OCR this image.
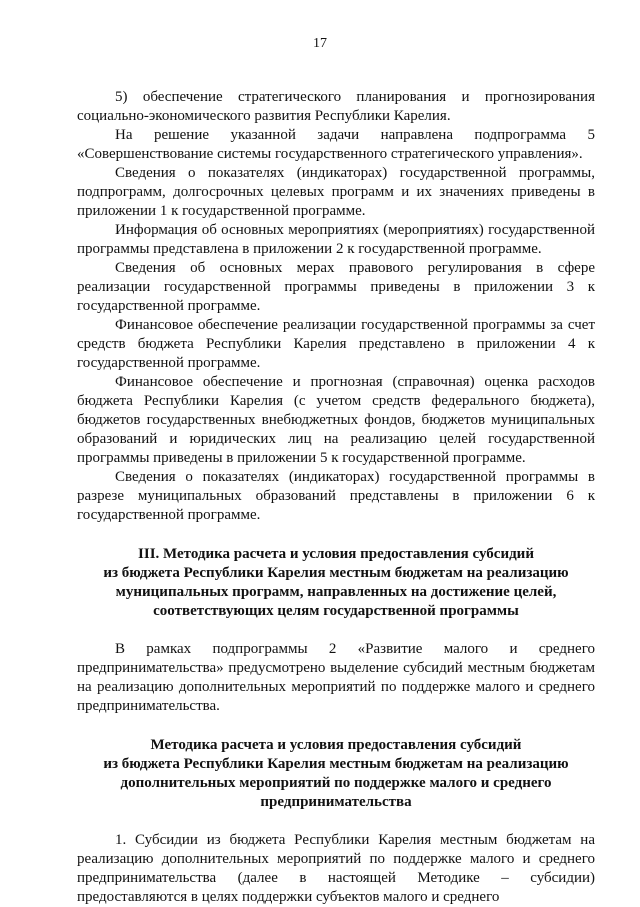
17

5) обеспечение стратегического планирования и прогнозирования социально-экономического развития Республики Карелия.

На решение указанной задачи направлена подпрограмма 5 «Совершенствование системы государственного стратегического управления».

Сведения о показателях (индикаторах) государственной программы, подпрограмм, долгосрочных целевых программ и их значениях приведены в приложении 1 к государственной программе.

Информация об основных мероприятиях (мероприятиях) государственной программы представлена в приложении 2 к государственной программе.

Сведения об основных мерах правового регулирования в сфере реализации государственной программы приведены в приложении 3 к государственной программе.

Финансовое обеспечение реализации государственной программы за счет средств бюджета Республики Карелия представлено в приложении 4 к государственной программе.

Финансовое обеспечение и прогнозная (справочная) оценка расходов бюджета Республики Карелия (с учетом средств федерального бюджета), бюджетов государственных внебюджетных фондов, бюджетов муниципальных образований и юридических лиц на реализацию целей государственной программы приведены в приложении 5 к государственной программе.

Сведения о показателях (индикаторах) государственной программы в разрезе муниципальных образований представлены в приложении 6 к государственной программе.

III. Методика расчета и условия предоставления субсидий
из бюджета Республики Карелия местным бюджетам на реализацию
муниципальных программ, направленных на достижение целей,
соответствующих целям государственной программы

В рамках подпрограммы 2 «Развитие малого и среднего предпринимательства» предусмотрено выделение субсидий местным бюджетам на реализацию дополнительных мероприятий по поддержке малого и среднего предпринимательства.

Методика расчета и условия предоставления субсидий
из бюджета Республики Карелия местным бюджетам на реализацию
дополнительных мероприятий по поддержке малого и среднего
предпринимательства

1. Субсидии из бюджета Республики Карелия местным бюджетам на реализацию дополнительных мероприятий по поддержке малого и среднего предпринимательства (далее в настоящей Методике – субсидии) предоставляются в целях поддержки субъектов малого и среднего
